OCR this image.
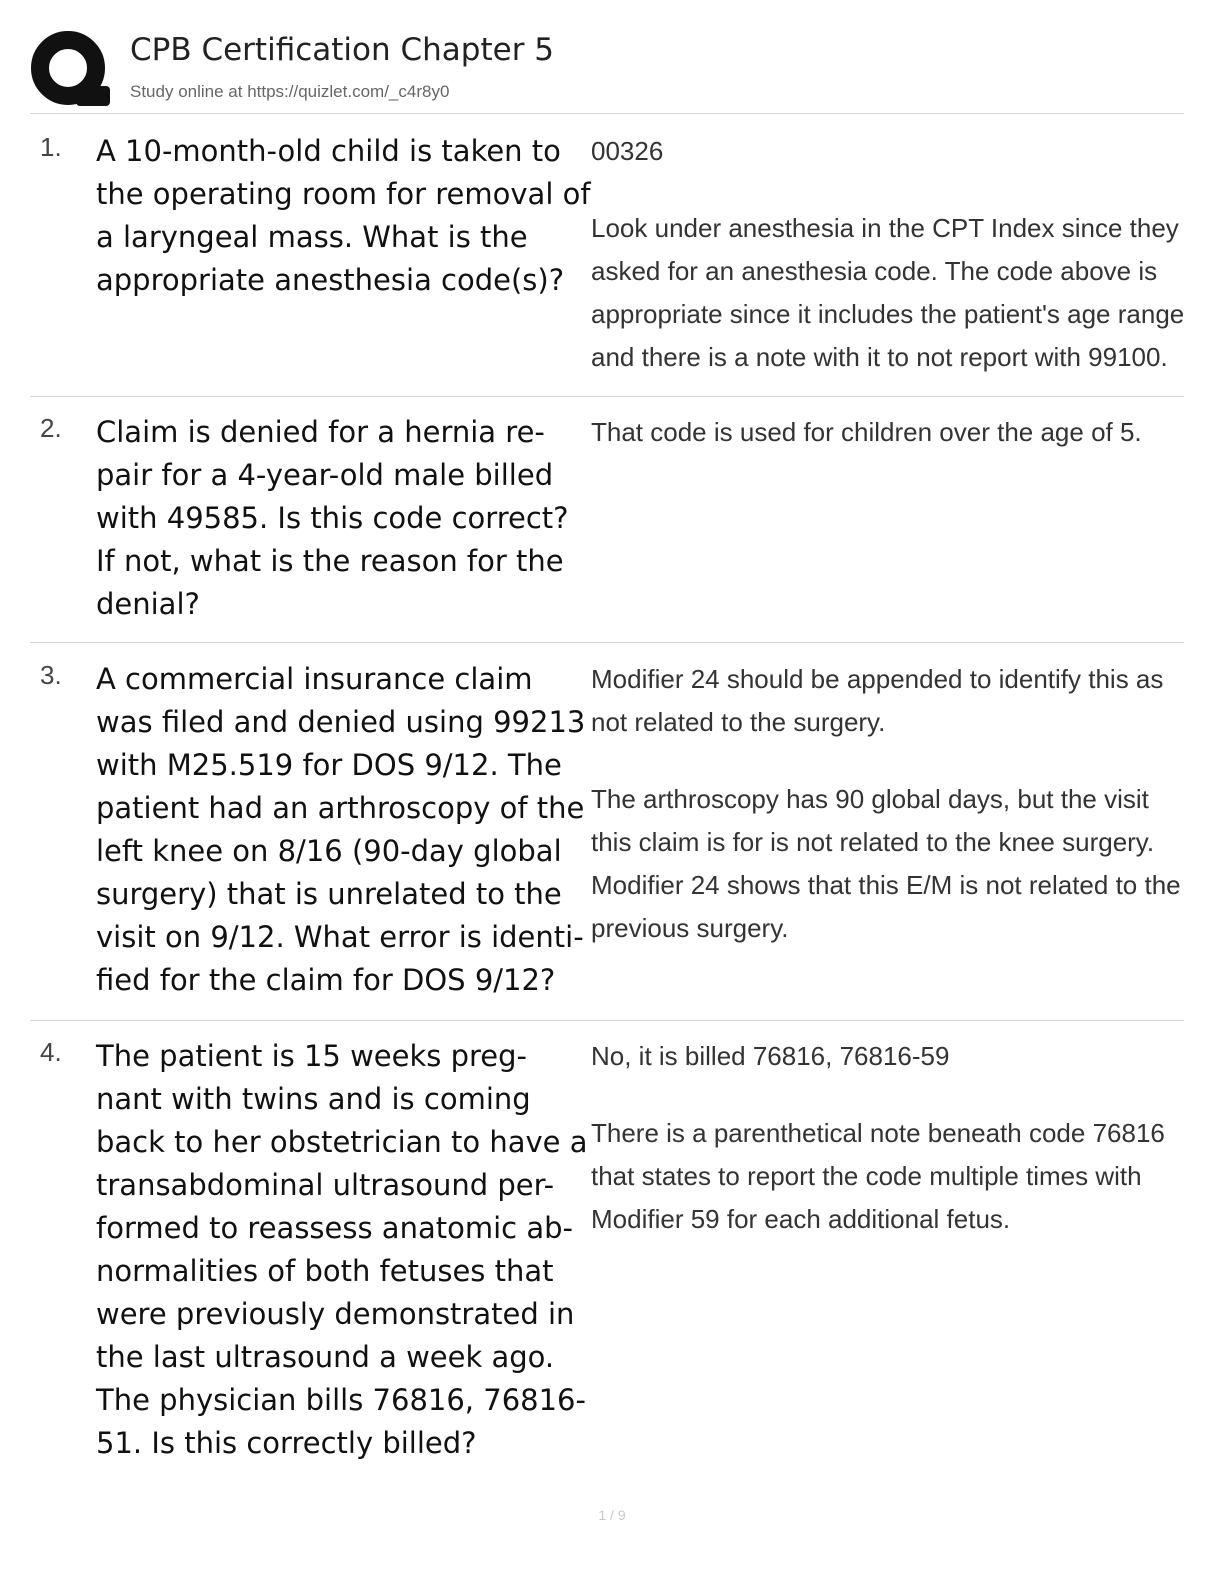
CPB Certification Chapter 5
Study online at https://quizlet.com/_c4r8y0
1. A 10-month-old child is taken to the operating room for removal of a laryngeal mass. What is the appropriate anesthesia code(s)?

00326

Look under anesthesia in the CPT Index since they asked for an anesthesia code. The code above is appropriate since it includes the patient's age range and there is a note with it to not report with 99100.

2. Claim is denied for a hernia re-pair for a 4-year-old male billed with 49585. Is this code correct? If not, what is the reason for the denial?

That code is used for children over the age of 5.

3. A commercial insurance claim was filed and denied using 99213 with M25.519 for DOS 9/12. The patient had an arthroscopy of the left knee on 8/16 (90-day global surgery) that is unrelated to the visit on 9/12. What error is identi-fied for the claim for DOS 9/12?

Modifier 24 should be appended to identify this as not related to the surgery.

The arthroscopy has 90 global days, but the visit this claim is for is not related to the knee surgery. Modifier 24 shows that this E/M is not related to the previous surgery.

4. The patient is 15 weeks preg-nant with twins and is coming back to her obstetrician to have a transabdominal ultrasound per-formed to reassess anatomic ab-normalities of both fetuses that were previously demonstrated in the last ultrasound a week ago. The physician bills 76816, 76816-51. Is this correctly billed?

No, it is billed 76816, 76816-59

There is a parenthetical note beneath code 76816 that states to report the code multiple times with Modifier 59 for each additional fetus.

1 / 9
